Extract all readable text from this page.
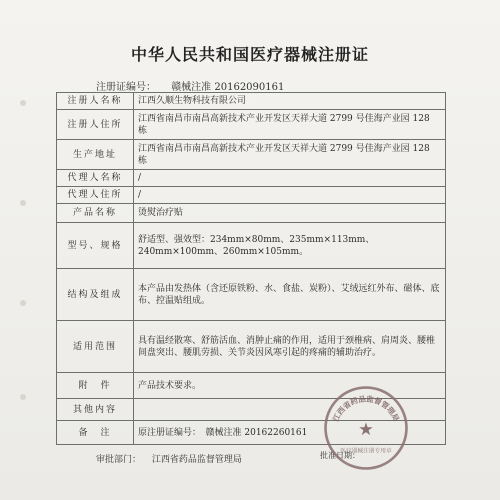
中华人民共和国医疗器械注册证
注册证编号： 赣械注准 20162090161
注册人名称	江西久顺生物科技有限公司
注册人住所	江西省南昌市南昌高新技术产业开发区天祥大道 2799 号佳海产业园 128 栋
生产地址	江西省南昌市南昌高新技术产业开发区天祥大道 2799 号佳海产业园 128 栋
代理人名称	/
代理人住所	/
产品名称	烫熨治疗贴
型号、规格	舒适型、强效型：234mm×80mm、235mm×113mm、240mm×100mm、260mm×105mm。
结构及组成	本产品由发热体（含还原铁粉、水、食盐、炭粉）、艾绒远红外布、磁体、底布、控温贴组成。
适用范围	具有温经散寒、舒筋活血、消肿止痛的作用，适用于颈椎病、肩周炎、腰椎间盘突出、腰肌劳损、关节炎因风寒引起的疼痛的辅助治疗。
附　件	产品技术要求。
其他内容	
备　注	原注册证编号：　赣械注准 20162260161
审批部门： 江西省药品监督管理局	批准日期：
江西省药品监督管理局
★
医疗器械注册专用章
